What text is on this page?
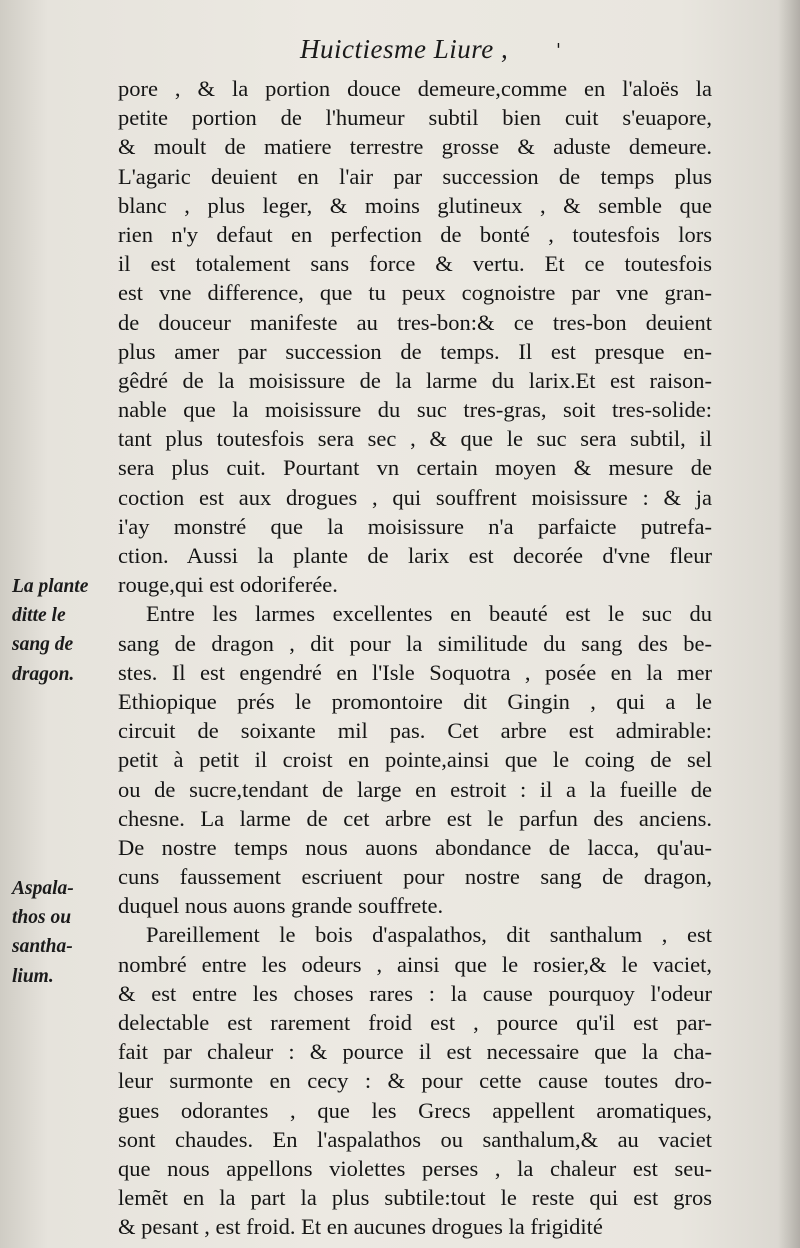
Huictiesme Liure ,	'
pore , & la portion douce demeure,comme en l'aloës la
petite portion de l'humeur subtil bien cuit s'euapore,
& moult de matiere terrestre grosse & aduste demeure.
L'agaric deuient en l'air par succession de temps plus
blanc , plus leger, & moins glutineux , & semble que
rien n'y defaut en perfection de bonté , toutesfois lors
il est totalement sans force & vertu. Et ce toutesfois
est vne difference, que tu peux cognoistre par vne gran-
de douceur manifeste au tres-bon:& ce tres-bon deuient
plus amer par succession de temps. Il est presque en-
gêdré de la moisissure de la larme du larix.Et est raison-
nable que la moisissure du suc tres-gras, soit tres-solide:
tant plus toutesfois sera sec , & que le suc sera subtil, il
sera plus cuit. Pourtant vn certain moyen & mesure de
coction est aux drogues , qui souffrent moisissure : & ja
i'ay monstré que la moisissure n'a parfaicte putrefa-
ction. Aussi la plante de larix est decorée d'vne fleur
rouge,qui est odoriferée.
Entre les larmes excellentes en beauté est le suc du
sang de dragon , dit pour la similitude du sang des be-
stes. Il est engendré en l'Isle Soquotra , posée en la mer
Ethiopique prés le promontoire dit Gingin , qui a le
circuit de soixante mil pas. Cet arbre est admirable:
petit à petit il croist en pointe,ainsi que le coing de sel
ou de sucre,tendant de large en estroit : il a la fueille de
chesne. La larme de cet arbre est le parfun des anciens.
De nostre temps nous auons abondance de lacca, qu'au-
cuns faussement escriuent pour nostre sang de dragon,
duquel nous auons grande souffrete.
Pareillement le bois d'aspalathos, dit santhalum , est
nombré entre les odeurs , ainsi que le rosier,& le vaciet,
& est entre les choses rares : la cause pourquoy l'odeur
delectable est rarement froid est , pource qu'il est par-
fait par chaleur : & pource il est necessaire que la cha-
leur surmonte en cecy : & pour cette cause toutes dro-
gues odorantes , que les Grecs appellent aromatiques,
sont chaudes. En l'aspalathos ou santhalum,& au vaciet
que nous appellons violettes perses , la chaleur est seu-
lemẽt en la part la plus subtile:tout le reste qui est gros
& pesant , est froid. Et en aucunes drogues la frigidité
La plante
ditte le
sang de
dragon.
Aspala-
thos ou
santha-
lium.
